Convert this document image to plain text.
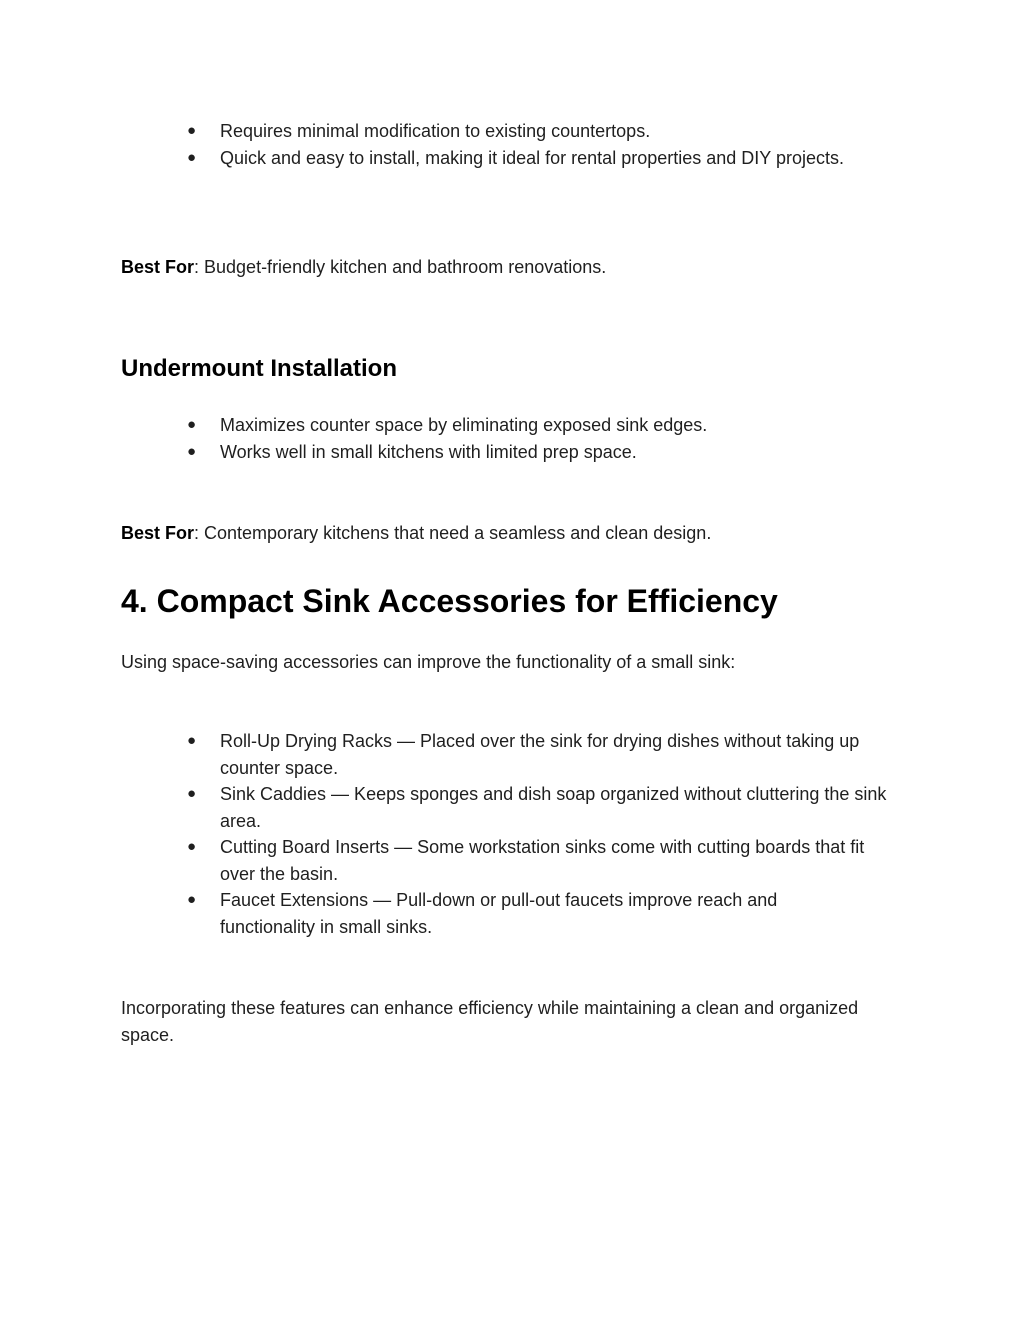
●	Requires minimal modification to existing countertops.
●	Quick and easy to install, making it ideal for rental properties and DIY projects.

Best For: Budget-friendly kitchen and bathroom renovations.

Undermount Installation
●	Maximizes counter space by eliminating exposed sink edges.
●	Works well in small kitchens with limited prep space.

Best For: Contemporary kitchens that need a seamless and clean design.

4. Compact Sink Accessories for Efficiency

Using space-saving accessories can improve the functionality of a small sink:

●	Roll-Up Drying Racks — Placed over the sink for drying dishes without taking up counter space.
●	Sink Caddies — Keeps sponges and dish soap organized without cluttering the sink area.
●	Cutting Board Inserts — Some workstation sinks come with cutting boards that fit over the basin.
●	Faucet Extensions — Pull-down or pull-out faucets improve reach and functionality in small sinks.

Incorporating these features can enhance efficiency while maintaining a clean and organized space.
